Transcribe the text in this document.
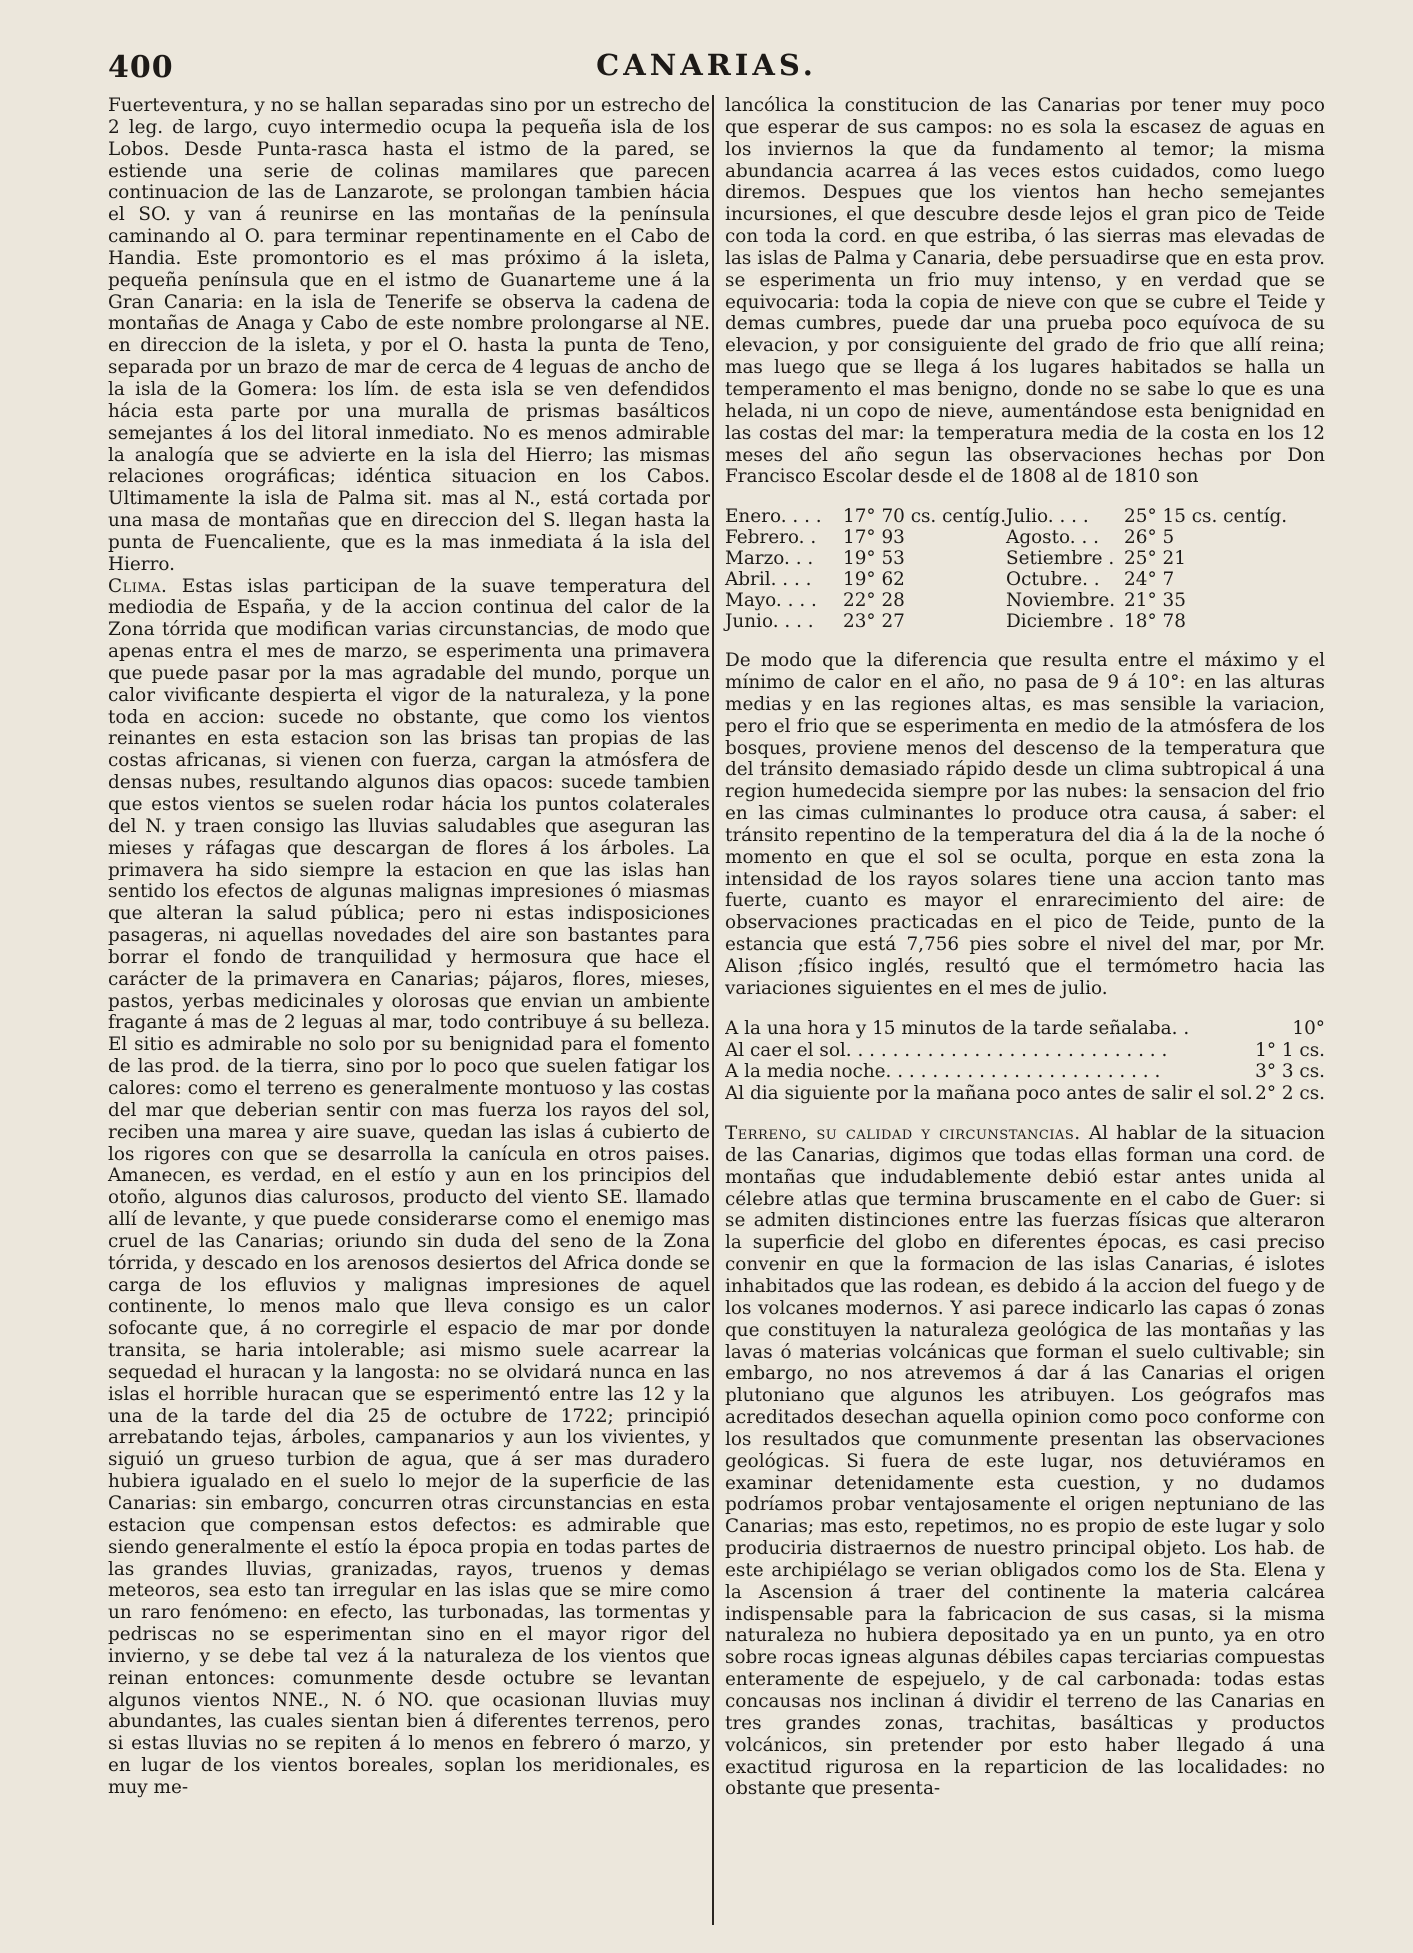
400	CANARIAS.

Fuerteventura, y no se hallan separadas sino por un estrecho de 2 leg. de largo, cuyo intermedio ocupa la pequeña isla de los Lobos. Desde Punta-rasca hasta el istmo de la pared, se estiende una serie de colinas mamilares que parecen continuacion de las de Lanzarote, se prolongan tambien hácia el SO. y van á reunirse en las montañas de la península caminando al O. para terminar repentinamente en el Cabo de Handia. Este promontorio es el mas próximo á la isleta, pequeña península que en el istmo de Guanarteme une á la Gran Canaria: en la isla de Tenerife se observa la cadena de montañas de Anaga y Cabo de este nombre prolongarse al NE. en direccion de la isleta, y por el O. hasta la punta de Teno, separada por un brazo de mar de cerca de 4 leguas de ancho de la isla de la Gomera: los lím. de esta isla se ven defendidos hácia esta parte por una muralla de prismas basálticos semejantes á los del litoral inmediato. No es menos admirable la analogía que se advierte en la isla del Hierro; las mismas relaciones orográficas; idéntica situacion en los Cabos. Ultimamente la isla de Palma sit. mas al N., está cortada por una masa de montañas que en direccion del S. llegan hasta la punta de Fuencaliente, que es la mas inmediata á la isla del Hierro.

Clima. Estas islas participan de la suave temperatura del mediodia de España, y de la accion continua del calor de la Zona tórrida que modifican varias circunstancias, de modo que apenas entra el mes de marzo, se esperimenta una primavera que puede pasar por la mas agradable del mundo, porque un calor vivificante despierta el vigor de la naturaleza, y la pone toda en accion: sucede no obstante, que como los vientos reinantes en esta estacion son las brisas tan propias de las costas africanas, si vienen con fuerza, cargan la atmósfera de densas nubes, resultando algunos dias opacos: sucede tambien que estos vientos se suelen rodar hácia los puntos colaterales del N. y traen consigo las lluvias saludables que aseguran las mieses y ráfagas que descargan de flores á los árboles. La primavera ha sido siempre la estacion en que las islas han sentido los efectos de algunas malignas impresiones ó miasmas que alteran la salud pública; pero ni estas indisposiciones pasageras, ni aquellas novedades del aire son bastantes para borrar el fondo de tranquilidad y hermosura que hace el carácter de la primavera en Canarias; pájaros, flores, mieses, pastos, yerbas medicinales y olorosas que envian un ambiente fragante á mas de 2 leguas al mar, todo contribuye á su belleza. El sitio es admirable no solo por su benignidad para el fomento de las prod. de la tierra, sino por lo poco que suelen fatigar los calores: como el terreno es generalmente montuoso y las costas del mar que deberian sentir con mas fuerza los rayos del sol, reciben una marea y aire suave, quedan las islas á cubierto de los rigores con que se desarrolla la canícula en otros paises. Amanecen, es verdad, en el estío y aun en los principios del otoño, algunos dias calurosos, producto del viento SE. llamado allí de levante, y que puede considerarse como el enemigo mas cruel de las Canarias; oriundo sin duda del seno de la Zona tórrida, y descado en los arenosos desiertos del Africa donde se carga de los efluvios y malignas impresiones de aquel continente, lo menos malo que lleva consigo es un calor sofocante que, á no corregirle el espacio de mar por donde transita, se haria intolerable; asi mismo suele acarrear la sequedad el huracan y la langosta: no se olvidará nunca en las islas el horrible huracan que se esperimentó entre las 12 y la una de la tarde del dia 25 de octubre de 1722; principió arrebatando tejas, árboles, campanarios y aun los vivientes, y siguió un grueso turbion de agua, que á ser mas duradero hubiera igualado en el suelo lo mejor de la superficie de las Canarias: sin embargo, concurren otras circunstancias en esta estacion que compensan estos defectos: es admirable que siendo generalmente el estío la época propia en todas partes de las grandes lluvias, granizadas, rayos, truenos y demas meteoros, sea esto tan irregular en las islas que se mire como un raro fenómeno: en efecto, las turbonadas, las tormentas y pedriscas no se esperimentan sino en el mayor rigor del invierno, y se debe tal vez á la naturaleza de los vientos que reinan entonces: comunmente desde octubre se levantan algunos vientos NNE., N. ó NO. que ocasionan lluvias muy abundantes, las cuales sientan bien á diferentes terrenos, pero si estas lluvias no se repiten á lo menos en febrero ó marzo, y en lugar de los vientos boreales, soplan los meridionales, es muy me-

lancólica la constitucion de las Canarias por tener muy poco que esperar de sus campos: no es sola la escasez de aguas en los inviernos la que da fundamento al temor; la misma abundancia acarrea á las veces estos cuidados, como luego diremos. Despues que los vientos han hecho semejantes incursiones, el que descubre desde lejos el gran pico de Teide con toda la cord. en que estriba, ó las sierras mas elevadas de las islas de Palma y Canaria, debe persuadirse que en esta prov. se esperimenta un frio muy intenso, y en verdad que se equivocaria: toda la copia de nieve con que se cubre el Teide y demas cumbres, puede dar una prueba poco equívoca de su elevacion, y por consiguiente del grado de frio que allí reina; mas luego que se llega á los lugares habitados se halla un temperamento el mas benigno, donde no se sabe lo que es una helada, ni un copo de nieve, aumentándose esta benignidad en las costas del mar: la temperatura media de la costa en los 12 meses del año segun las observaciones hechas por Don Francisco Escolar desde el de 1808 al de 1810 son

Enero. . . .	17° 70 cs. centíg.	Julio. . . .	25° 15 cs. centíg.
Febrero. .	17° 93	Agosto. . .	26° 5
Marzo. . .	19° 53	Setiembre .	25° 21
Abril. . . .	19° 62	Octubre. .	24° 7
Mayo. . . .	22° 28	Noviembre.	21° 35
Junio. . . .	23° 27	Diciembre .	18° 78

De modo que la diferencia que resulta entre el máximo y el mínimo de calor en el año, no pasa de 9 á 10°: en las alturas medias y en las regiones altas, es mas sensible la variacion, pero el frio que se esperimenta en medio de la atmósfera de los bosques, proviene menos del descenso de la temperatura que del tránsito demasiado rápido desde un clima subtropical á una region humedecida siempre por las nubes: la sensacion del frio en las cimas culminantes lo produce otra causa, á saber: el tránsito repentino de la temperatura del dia á la de la noche ó momento en que el sol se oculta, porque en esta zona la intensidad de los rayos solares tiene una accion tanto mas fuerte, cuanto es mayor el enrarecimiento del aire: de observaciones practicadas en el pico de Teide, punto de la estancia que está 7,756 pies sobre el nivel del mar, por Mr. Alison ;físico inglés, resultó que el termómetro hacia las variaciones siguientes en el mes de julio.

A la una hora y 15 minutos de la tarde señalaba. .	10°
Al caer el sol. . . . . . . . . . . . . . . . . . . . . . . . . . . .	1° 1 cs.
A la media noche. . . . . . . . . . . . . . . . . . . . . . . .	3° 3 cs.
Al dia siguiente por la mañana poco antes de salir el sol. 2° 2 cs.

Terreno, su calidad y circunstancias. Al hablar de la situacion de las Canarias, digimos que todas ellas forman una cord. de montañas que indudablemente debió estar antes unida al célebre atlas que termina bruscamente en el cabo de Guer: si se admiten distinciones entre las fuerzas físicas que alteraron la superficie del globo en diferentes épocas, es casi preciso convenir en que la formacion de las islas Canarias, é islotes inhabitados que las rodean, es debido á la accion del fuego y de los volcanes modernos. Y asi parece indicarlo las capas ó zonas que constituyen la naturaleza geológica de las montañas y las lavas ó materias volcánicas que forman el suelo cultivable; sin embargo, no nos atrevemos á dar á las Canarias el origen plutoniano que algunos les atribuyen. Los geógrafos mas acreditados desechan aquella opinion como poco conforme con los resultados que comunmente presentan las observaciones geológicas. Si fuera de este lugar, nos detuviéramos en examinar detenidamente esta cuestion, y no dudamos podríamos probar ventajosamente el origen neptuniano de las Canarias; mas esto, repetimos, no es propio de este lugar y solo produciria distraernos de nuestro principal objeto. Los hab. de este archipiélago se verian obligados como los de Sta. Elena y la Ascension á traer del continente la materia calcárea indispensable para la fabricacion de sus casas, si la misma naturaleza no hubiera depositado ya en un punto, ya en otro sobre rocas igneas algunas débiles capas terciarias compuestas enteramente de espejuelo, y de cal carbonada: todas estas concausas nos inclinan á dividir el terreno de las Canarias en tres grandes zonas, trachitas, basálticas y productos volcánicos, sin pretender por esto haber llegado á una exactitud rigurosa en la reparticion de las localidades: no obstante que presenta-
